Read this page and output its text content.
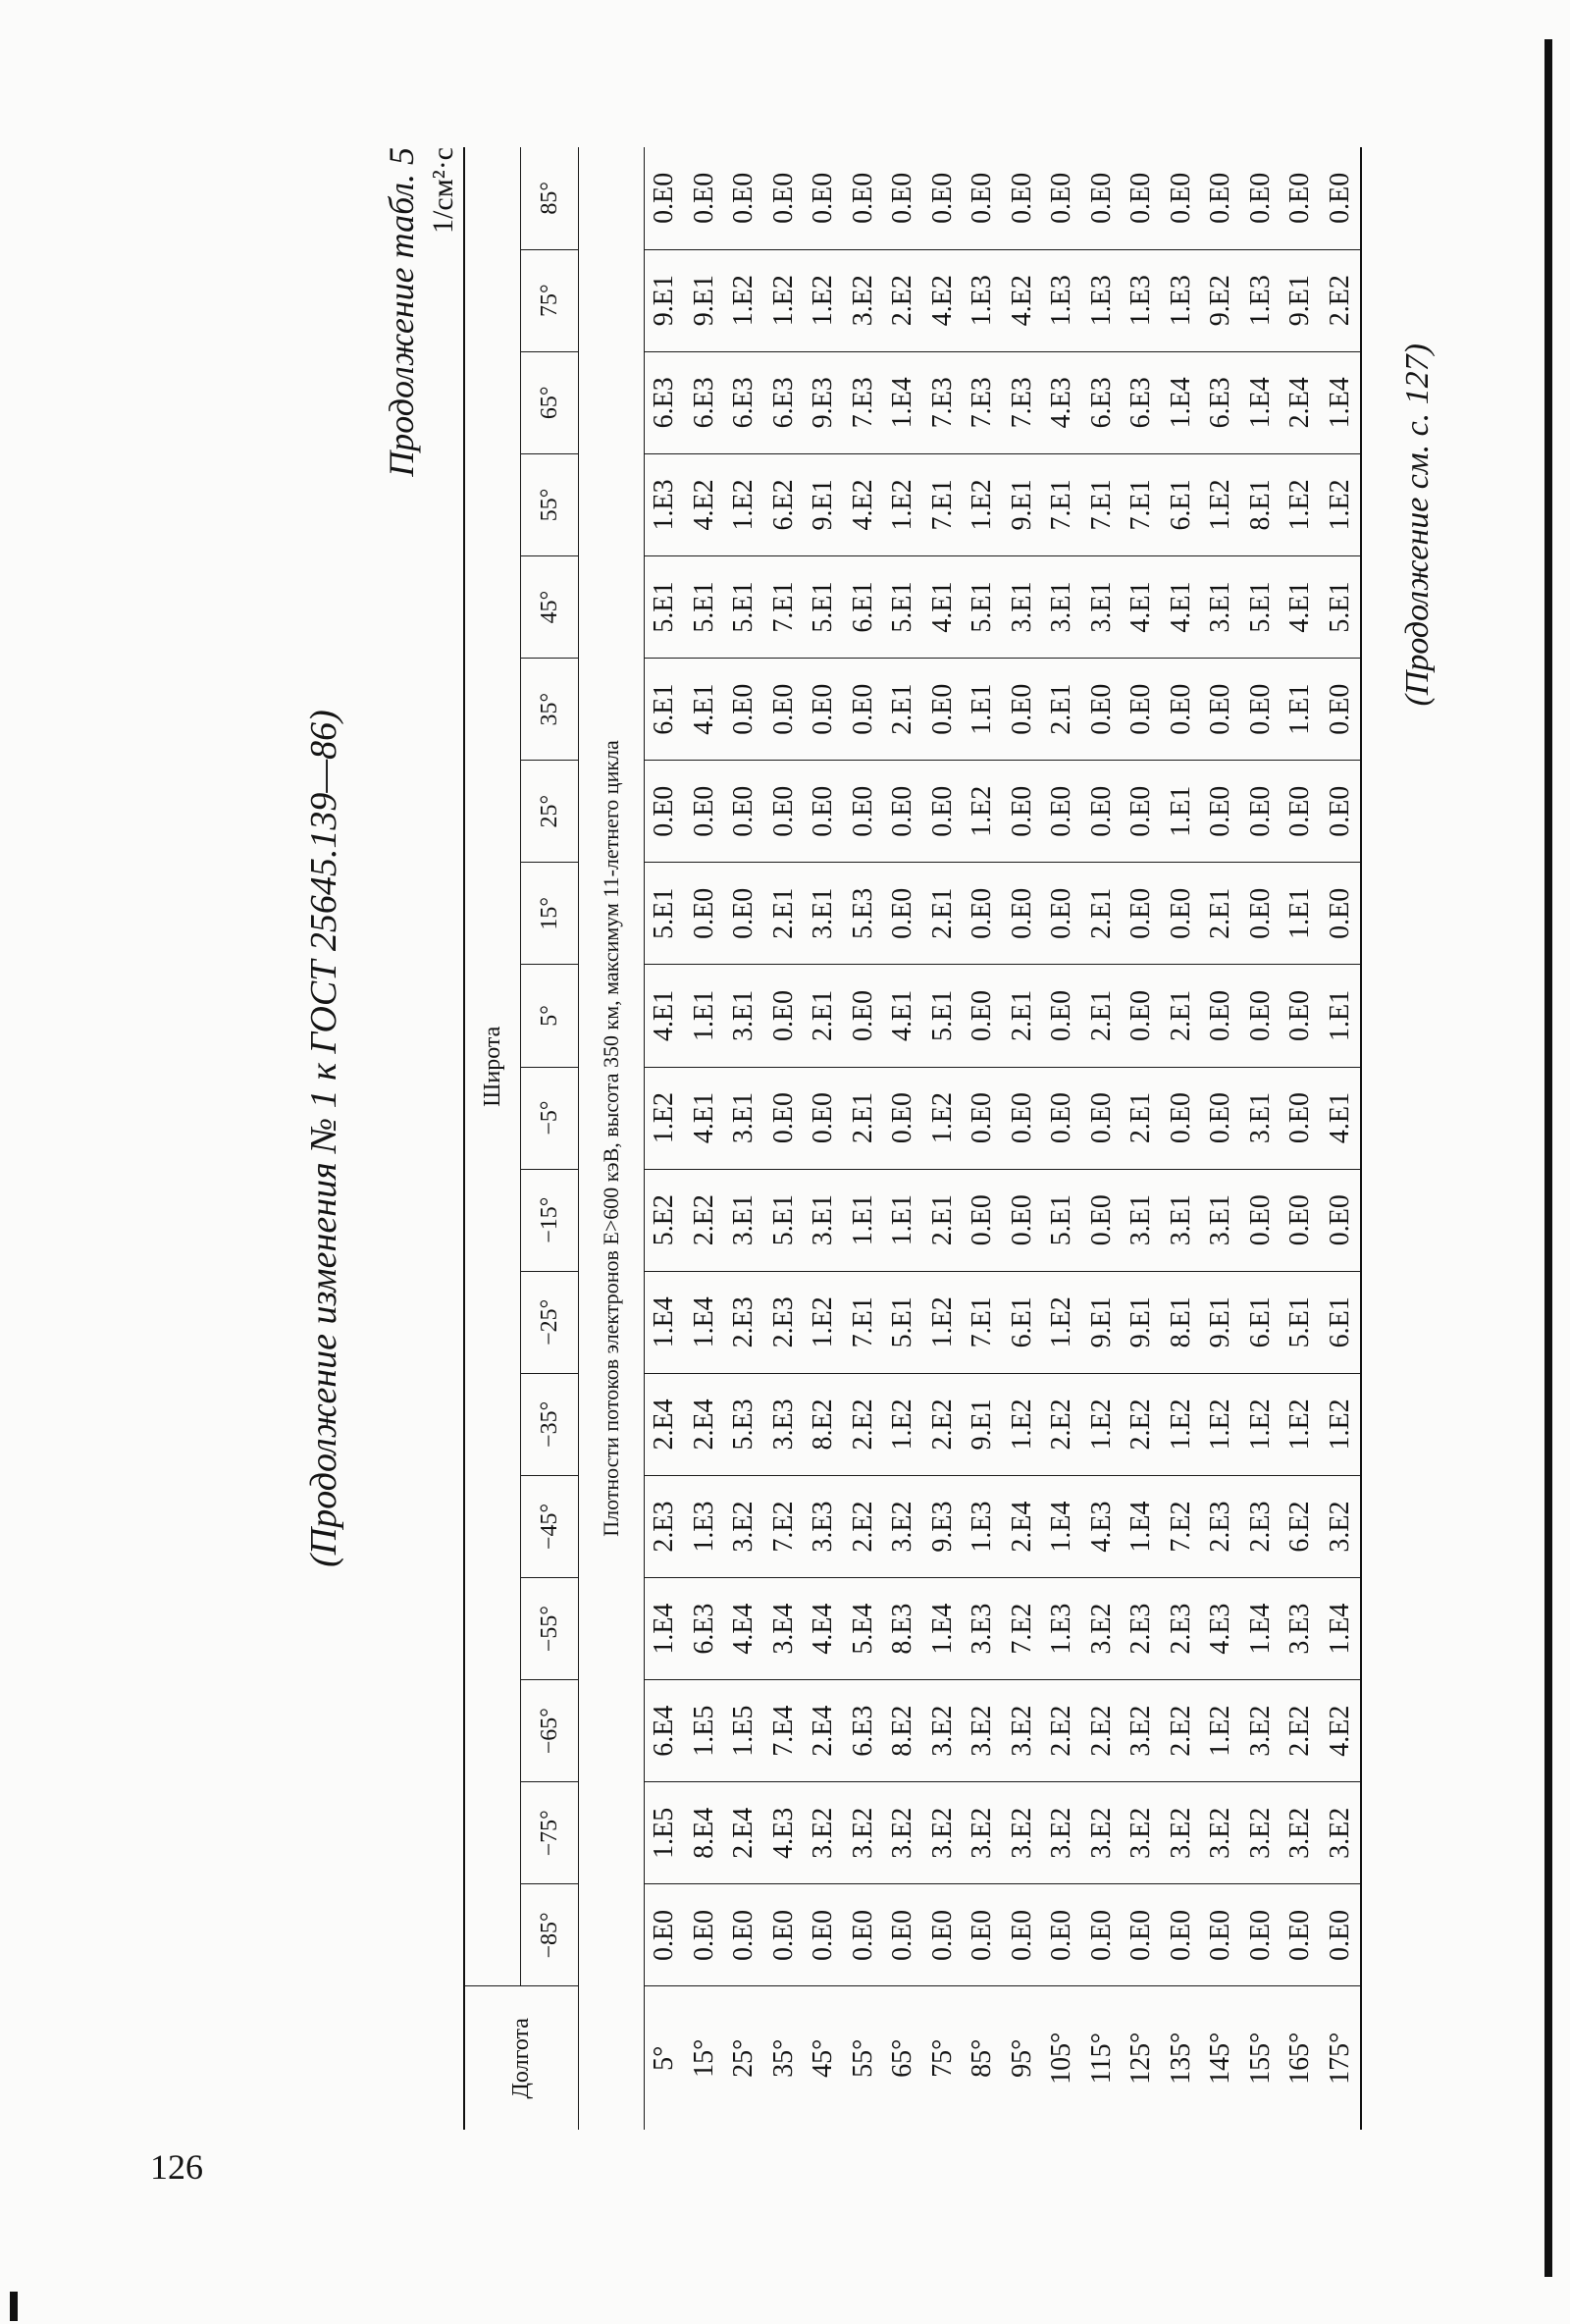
126
(Продолжение изменения № 1 к ГОСТ 25645.139—86)
Продолжение табл. 5 1/см²·с
Долгота	Широта																	
	−85°	−75°	−65°	−55°	−45°	−35°	−25°	−15°	−5°	5°	15°	25°	35°	45°	55°	65°	75°	85°
Плотности потоков электронов E>600 кэВ, высота 350 км, максимум 11-летнего цикла																		
5°	0.E0	1.E5	6.E4	1.E4	2.E3	2.E4	1.E4	5.E2	1.E2	4.E1	5.E1	0.E0	6.E1	5.E1	1.E3	6.E3	9.E1	0.E0
15°	0.E0	8.E4	1.E5	6.E3	1.E3	2.E4	1.E4	2.E2	4.E1	1.E1	0.E0	0.E0	4.E1	5.E1	4.E2	6.E3	9.E1	0.E0
25°	0.E0	2.E4	1.E5	4.E4	3.E2	5.E3	2.E3	3.E1	3.E1	3.E1	0.E0	0.E0	0.E0	5.E1	1.E2	6.E3	1.E2	0.E0
35°	0.E0	4.E3	7.E4	3.E4	7.E2	3.E3	2.E3	5.E1	0.E0	0.E0	2.E1	0.E0	0.E0	7.E1	6.E2	6.E3	1.E2	0.E0
45°	0.E0	3.E2	2.E4	4.E4	3.E3	8.E2	1.E2	3.E1	0.E0	2.E1	3.E1	0.E0	0.E0	5.E1	9.E1	9.E3	1.E2	0.E0
55°	0.E0	3.E2	6.E3	5.E4	2.E2	2.E2	7.E1	1.E1	2.E1	0.E0	5.E3	0.E0	0.E0	6.E1	4.E2	7.E3	3.E2	0.E0
65°	0.E0	3.E2	8.E2	8.E3	3.E2	1.E2	5.E1	1.E1	0.E0	4.E1	0.E0	0.E0	2.E1	5.E1	1.E2	1.E4	2.E2	0.E0
75°	0.E0	3.E2	3.E2	1.E4	9.E3	2.E2	1.E2	2.E1	1.E2	5.E1	2.E1	0.E0	0.E0	4.E1	7.E1	7.E3	4.E2	0.E0
85°	0.E0	3.E2	3.E2	3.E3	1.E3	9.E1	7.E1	0.E0	0.E0	0.E0	0.E0	1.E2	1.E1	5.E1	1.E2	7.E3	1.E3	0.E0
95°	0.E0	3.E2	3.E2	7.E2	2.E4	1.E2	6.E1	0.E0	0.E0	2.E1	0.E0	0.E0	0.E0	3.E1	9.E1	7.E3	4.E2	0.E0
105°	0.E0	3.E2	2.E2	1.E3	1.E4	2.E2	1.E2	5.E1	0.E0	0.E0	0.E0	0.E0	2.E1	3.E1	7.E1	4.E3	1.E3	0.E0
115°	0.E0	3.E2	2.E2	3.E2	4.E3	1.E2	9.E1	0.E0	0.E0	2.E1	2.E1	0.E0	0.E0	3.E1	7.E1	6.E3	1.E3	0.E0
125°	0.E0	3.E2	3.E2	2.E3	1.E4	2.E2	9.E1	3.E1	2.E1	0.E0	0.E0	0.E0	0.E0	4.E1	7.E1	6.E3	1.E3	0.E0
135°	0.E0	3.E2	2.E2	2.E3	7.E2	1.E2	8.E1	3.E1	0.E0	2.E1	0.E0	1.E1	0.E0	4.E1	6.E1	1.E4	1.E3	0.E0
145°	0.E0	3.E2	1.E2	4.E3	2.E3	1.E2	9.E1	3.E1	0.E0	0.E0	2.E1	0.E0	0.E0	3.E1	1.E2	6.E3	9.E2	0.E0
155°	0.E0	3.E2	3.E2	1.E4	2.E3	1.E2	6.E1	0.E0	3.E1	0.E0	0.E0	0.E0	0.E0	5.E1	8.E1	1.E4	1.E3	0.E0
165°	0.E0	3.E2	2.E2	3.E3	6.E2	1.E2	5.E1	0.E0	0.E0	0.E0	1.E1	0.E0	1.E1	4.E1	1.E2	2.E4	9.E1	0.E0
175°	0.E0	3.E2	4.E2	1.E4	3.E2	1.E2	6.E1	0.E0	4.E1	1.E1	0.E0	0.E0	0.E0	5.E1	1.E2	1.E4	2.E2	0.E0
(Продолжение см. с. 127)
